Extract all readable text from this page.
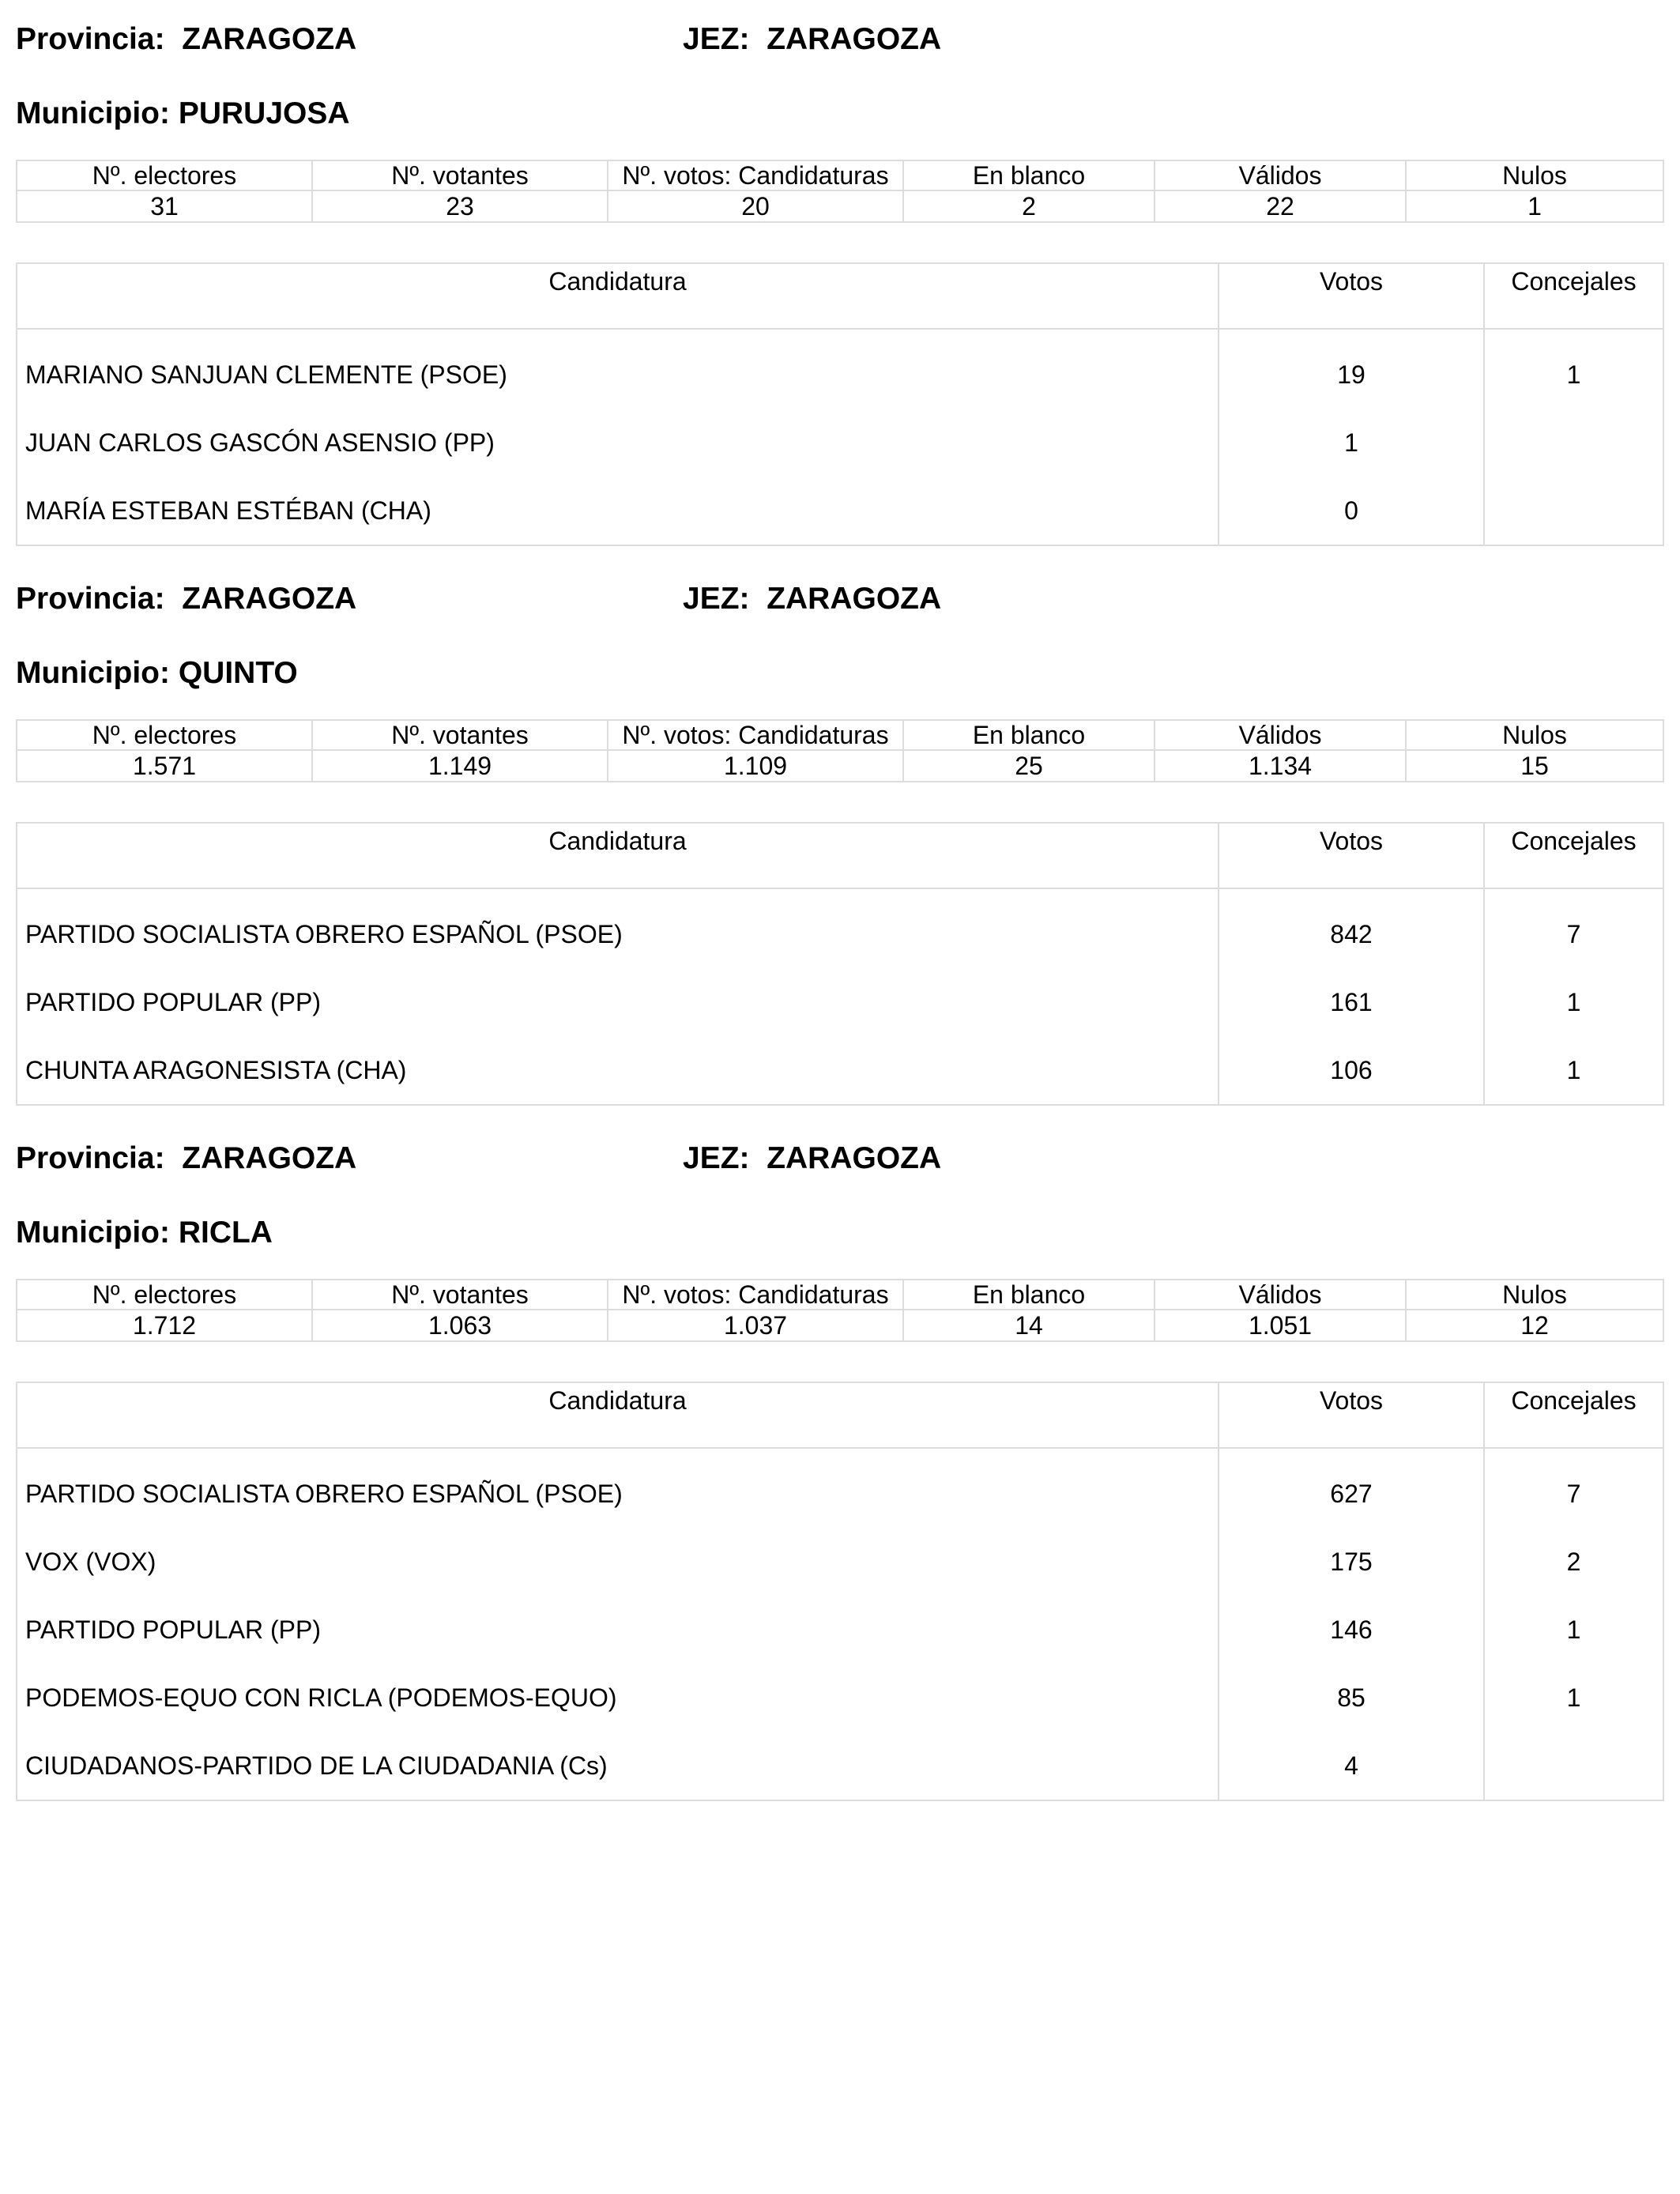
Provincia: ZARAGOZA	JEZ: ZARAGOZA
Municipio: PURUJOSA
Nº. electores	Nº. votantes	Nº. votos: Candidaturas	En blanco	Válidos	Nulos
31	23	20	2	22	1
Candidatura	Votos	Concejales
MARIANO SANJUAN CLEMENTE (PSOE)	19	1
JUAN CARLOS GASCÓN ASENSIO (PP)	1	
MARÍA ESTEBAN ESTÉBAN (CHA)	0	
Provincia: ZARAGOZA	JEZ: ZARAGOZA
Municipio: QUINTO
Nº. electores	Nº. votantes	Nº. votos: Candidaturas	En blanco	Válidos	Nulos
1.571	1.149	1.109	25	1.134	15
Candidatura	Votos	Concejales
PARTIDO SOCIALISTA OBRERO ESPAÑOL (PSOE)	842	7
PARTIDO POPULAR (PP)	161	1
CHUNTA ARAGONESISTA (CHA)	106	1
Provincia: ZARAGOZA	JEZ: ZARAGOZA
Municipio: RICLA
Nº. electores	Nº. votantes	Nº. votos: Candidaturas	En blanco	Válidos	Nulos
1.712	1.063	1.037	14	1.051	12
Candidatura	Votos	Concejales
PARTIDO SOCIALISTA OBRERO ESPAÑOL (PSOE)	627	7
VOX (VOX)	175	2
PARTIDO POPULAR (PP)	146	1
PODEMOS-EQUO CON RICLA (PODEMOS-EQUO)	85	1
CIUDADANOS-PARTIDO DE LA CIUDADANIA (Cs)	4	
